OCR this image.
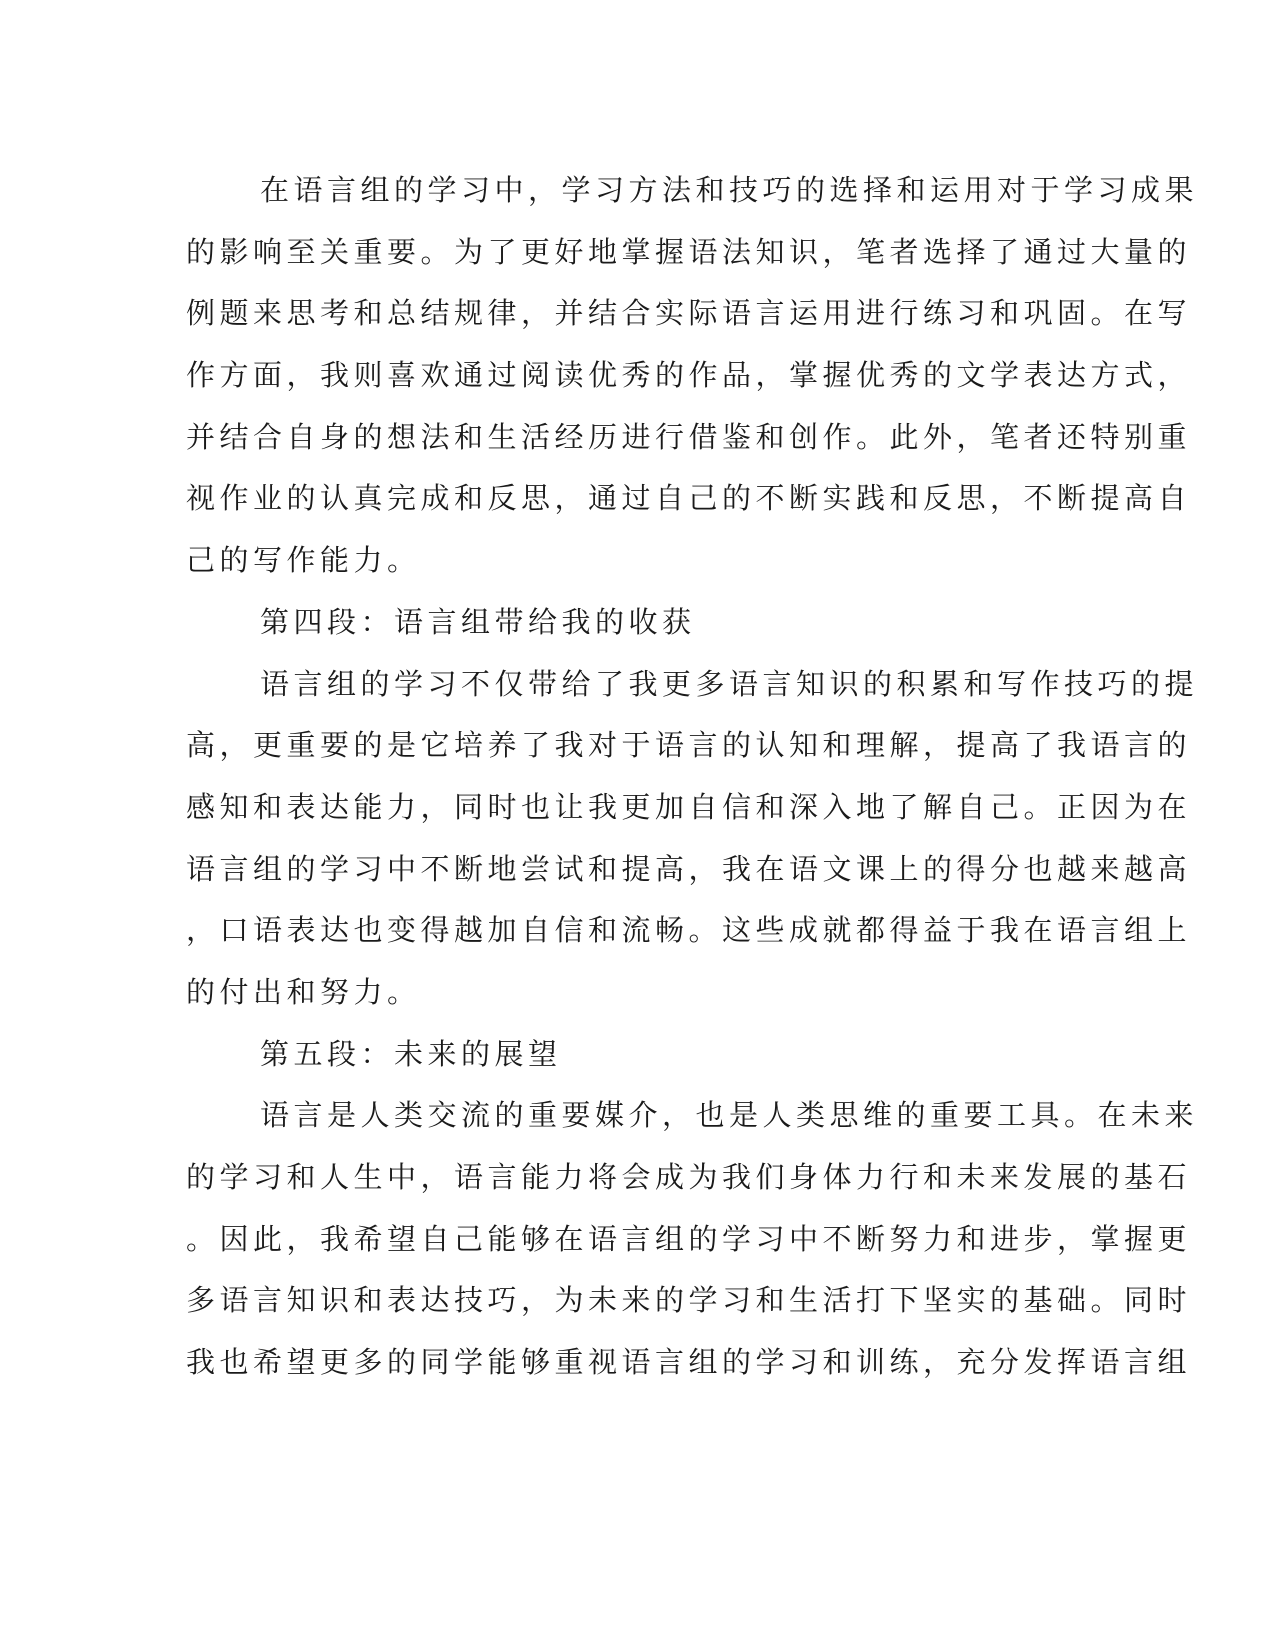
在语言组的学习中，学习方法和技巧的选择和运用对于学习成果
的影响至关重要。为了更好地掌握语法知识，笔者选择了通过大量的
例题来思考和总结规律，并结合实际语言运用进行练习和巩固。在写
作方面，我则喜欢通过阅读优秀的作品，掌握优秀的文学表达方式，
并结合自身的想法和生活经历进行借鉴和创作。此外，笔者还特别重
视作业的认真完成和反思，通过自己的不断实践和反思，不断提高自
己的写作能力。
第四段：语言组带给我的收获
语言组的学习不仅带给了我更多语言知识的积累和写作技巧的提
高，更重要的是它培养了我对于语言的认知和理解，提高了我语言的
感知和表达能力，同时也让我更加自信和深入地了解自己。正因为在
语言组的学习中不断地尝试和提高，我在语文课上的得分也越来越高
，口语表达也变得越加自信和流畅。这些成就都得益于我在语言组上
的付出和努力。
第五段：未来的展望
语言是人类交流的重要媒介，也是人类思维的重要工具。在未来
的学习和人生中，语言能力将会成为我们身体力行和未来发展的基石
。因此，我希望自己能够在语言组的学习中不断努力和进步，掌握更
多语言知识和表达技巧，为未来的学习和生活打下坚实的基础。同时
我也希望更多的同学能够重视语言组的学习和训练，充分发挥语言组
